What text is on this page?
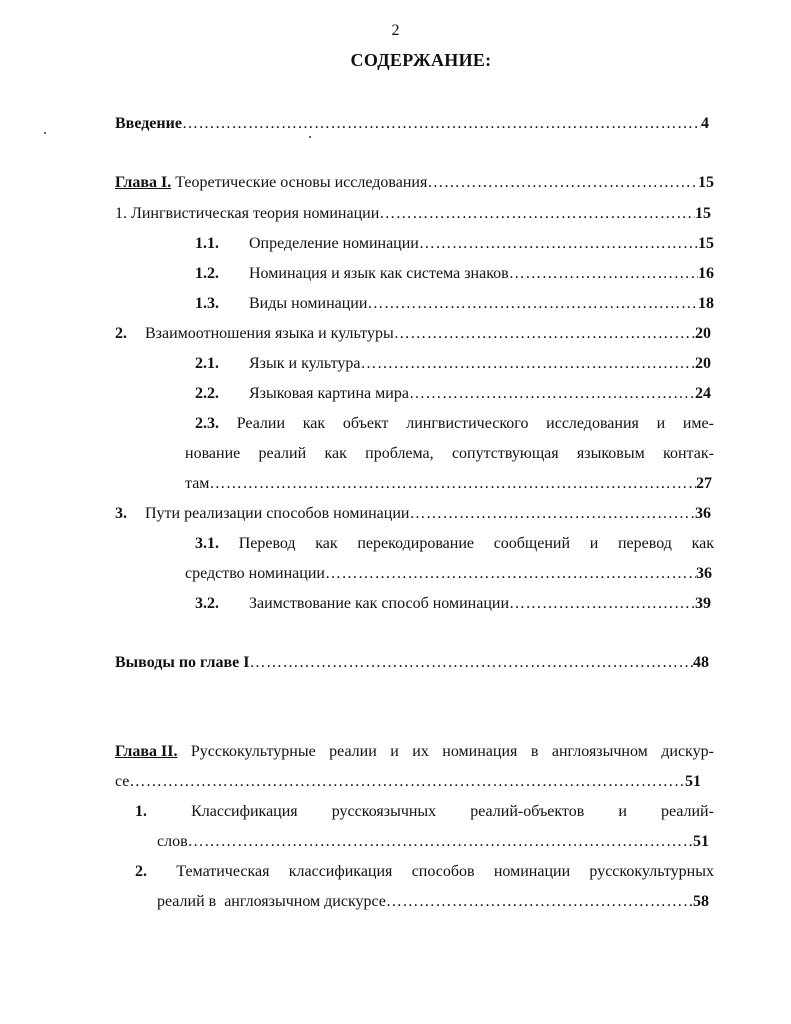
2
СОДЕРЖАНИЕ:
Введение …………………………………………………………………………………………………………………………………………………………………………………	4
Глава I. Теоретические основы исследования …………………………………………………………………………………………………………………………………………………………………………………	15
1. Лингвистическая теория номинации …………………………………………………………………………………………………………………………………………………………………………………	15
1.1. Определение номинации …………………………………………………………………………………………………………………………………………………………………………………	15
1.2. Номинация и язык как система знаков …………………………………………………………………………………………………………………………………………………………………………………	16
1.3. Виды номинации …………………………………………………………………………………………………………………………………………………………………………………	18
2. Взаимоотношения языка и культуры …………………………………………………………………………………………………………………………………………………………………………………	20
2.1. Язык и культура …………………………………………………………………………………………………………………………………………………………………………………	20
2.2. Языковая картина мира …………………………………………………………………………………………………………………………………………………………………………………	24
2.3. Реалии как объект лингвистического исследования и име-
нование реалий как проблема, сопутствующая языковым контак-
там …………………………………………………………………………………………………………………………………………………………………………………	27
3. Пути реализации способов номинации …………………………………………………………………………………………………………………………………………………………………………………	36
3.1. Перевод как перекодирование сообщений и перевод как
средство номинации …………………………………………………………………………………………………………………………………………………………………………………	36
3.2. Заимствование как способ номинации …………………………………………………………………………………………………………………………………………………………………………………	39
Выводы по главе I …………………………………………………………………………………………………………………………………………………………………………………	48
Глава II. Русскокультурные реалии и их номинация в англоязычном дискур-
се …………………………………………………………………………………………………………………………………………………………………………………	51
1.	Классификация русскоязычных реалий-объектов и реалий-
слов …………………………………………………………………………………………………………………………………………………………………………………	51
2.	Тематическая классификация способов номинации русскокультурных
реалий в  англоязычном дискурсе …………………………………………………………………………………………………………………………………………………………………………………	58
